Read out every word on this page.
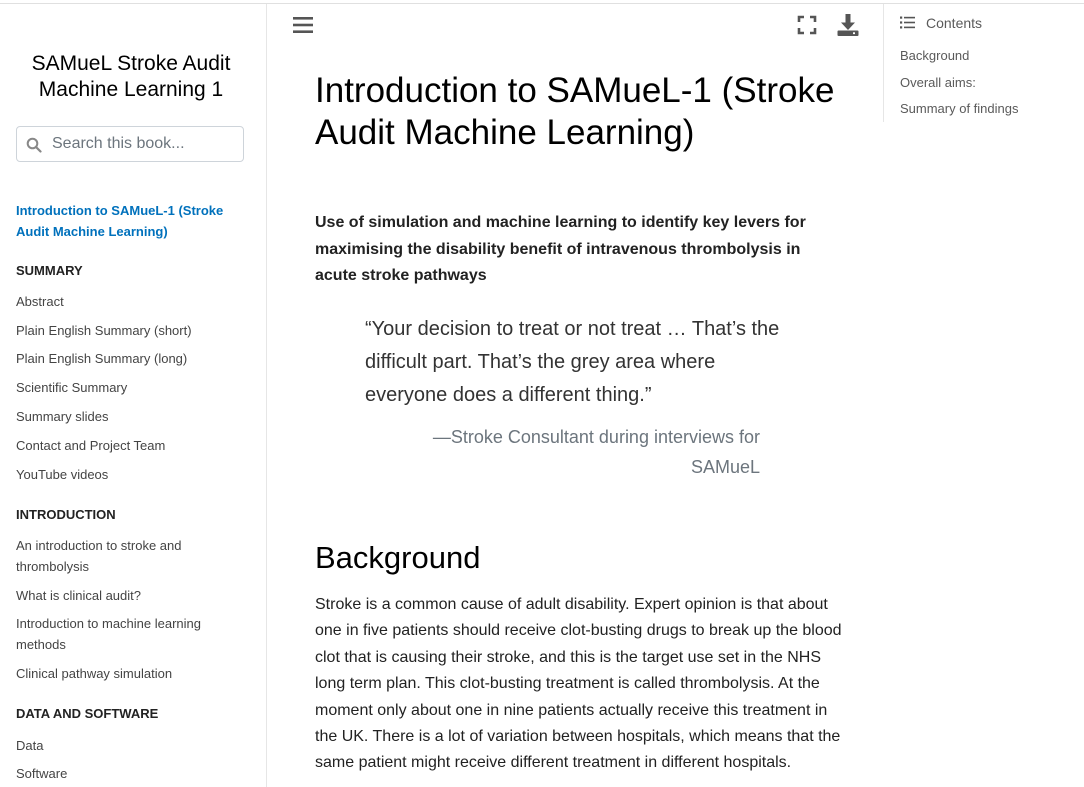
SAMueL Stroke Audit Machine Learning 1
Search this book...
Introduction to SAMueL-1 (Stroke Audit Machine Learning)
SUMMARY
Abstract
Plain English Summary (short)
Plain English Summary (long)
Scientific Summary
Summary slides
Contact and Project Team
YouTube videos
INTRODUCTION
An introduction to stroke and thrombolysis
What is clinical audit?
Introduction to machine learning methods
Clinical pathway simulation
DATA AND SOFTWARE
Data
Software
Contents
Background
Overall aims:
Summary of findings
Introduction to SAMueL-1 (Stroke Audit Machine Learning)

Use of simulation and machine learning to identify key levers for maximising the disability benefit of intravenous thrombolysis in acute stroke pathways

“Your decision to treat or not treat … That’s the difficult part. That’s the grey area where everyone does a different thing.”
—Stroke Consultant during interviews for SAMueL
Background

Stroke is a common cause of adult disability. Expert opinion is that about one in five patients should receive clot-busting drugs to break up the blood clot that is causing their stroke, and this is the target use set in the NHS long term plan. This clot-busting treatment is called thrombolysis. At the moment only about one in nine patients actually receive this treatment in the UK. There is a lot of variation between hospitals, which means that the same patient might receive different treatment in different hospitals.
